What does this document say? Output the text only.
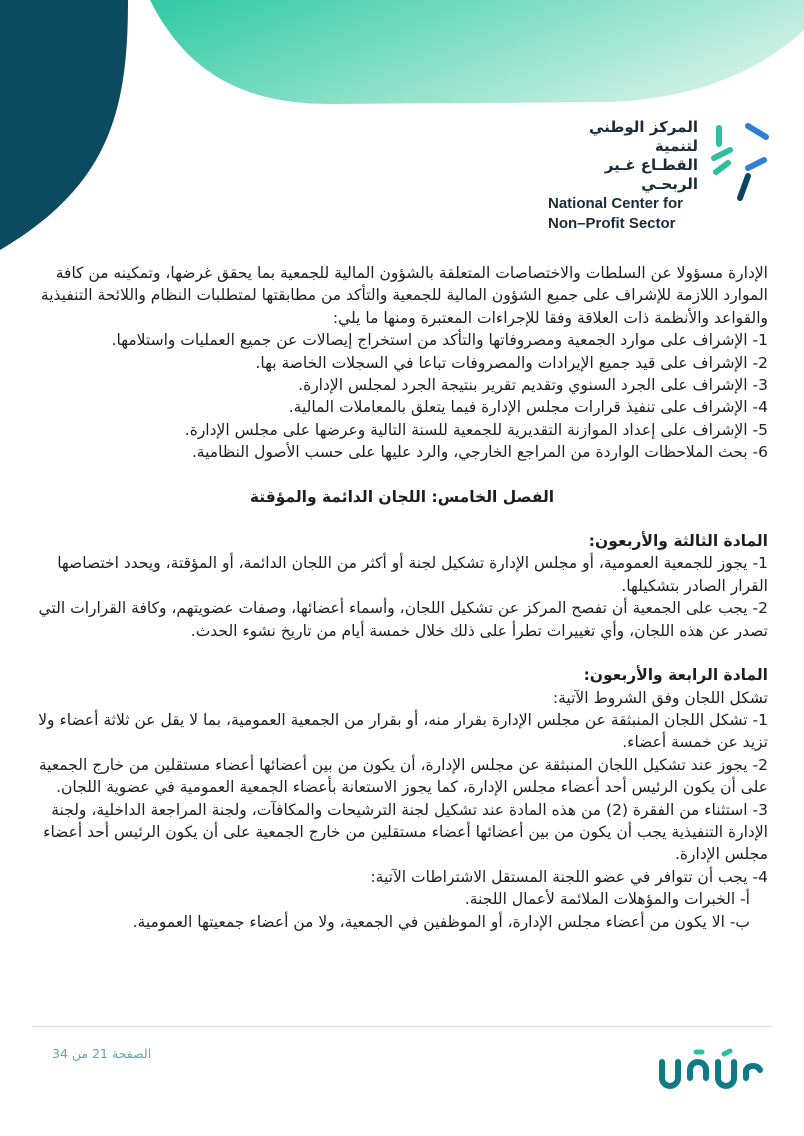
المركز الوطني لتنمية
القطـاع غـير الربحـي
National Center for
Non–Profit Sector

الإدارة مسؤولا عن السلطات والاختصاصات المتعلقة بالشؤون المالية للجمعية بما يحقق غرضها، وتمكينه من كافة الموارد اللازمة للإشراف على جميع الشؤون المالية للجمعية والتأكد من مطابقتها لمتطلبات النظام واللائحة التنفيذية والقواعد والأنظمة ذات العلاقة وفقا للإجراءات المعتبرة ومنها ما يلي:

1- الإشراف على موارد الجمعية ومصروفاتها والتأكد من استخراج إيصالات عن جميع العمليات واستلامها.

2- الإشراف على قيد جميع الإيرادات والمصروفات تباعا في السجلات الخاصة بها.

3- الإشراف على الجرد السنوي وتقديم تقرير بنتيجة الجرد لمجلس الإدارة.

4- الإشراف على تنفيذ قرارات مجلس الإدارة فيما يتعلق بالمعاملات المالية.

5- الإشراف على إعداد الموازنة التقديرية للجمعية للسنة التالية وعرضها على مجلس الإدارة.

6- بحث الملاحظات الواردة من المراجع الخارجي، والرد عليها على حسب الأصول النظامية.

الفصل الخامس: اللجان الدائمة والمؤقتة

المادة الثالثة والأربعون:

1- يجوز للجمعية العمومية، أو مجلس الإدارة تشكيل لجنة أو أكثر من اللجان الدائمة، أو المؤقتة، ويحدد اختصاصها القرار الصادر بتشكيلها.

2- يجب على الجمعية أن تفصح المركز عن تشكيل اللجان، وأسماء أعضائها، وصفات عضويتهم، وكافة القرارات التي تصدر عن هذه اللجان، وأي تغييرات تطرأ على ذلك خلال خمسة أيام من تاريخ نشوء الحدث.

المادة الرابعة والأربعون:

تشكل اللجان وفق الشروط الآتية:

1- تشكل اللجان المنبثقة عن مجلس الإدارة بقرار منه، أو بقرار من الجمعية العمومية، بما لا يقل عن ثلاثة أعضاء ولا تزيد عن خمسة أعضاء.

2- يجوز عند تشكيل اللجان المنبثقة عن مجلس الإدارة، أن يكون من بين أعضائها أعضاء مستقلين من خارج الجمعية على أن يكون الرئيس أحد أعضاء مجلس الإدارة، كما يجوز الاستعانة بأعضاء الجمعية العمومية في عضوية اللجان.

3- استثناء من الفقرة (2) من هذه المادة عند تشكيل لجنة الترشيحات والمكافآت، ولجنة المراجعة الداخلية، ولجنة الإدارة التنفيذية يجب أن يكون من بين أعضائها أعضاء مستقلين من خارج الجمعية على أن يكون الرئيس أحد أعضاء مجلس الإدارة.

4- يجب أن تتوافر في عضو اللجنة المستقل الاشتراطات الآتية:

أ- الخبرات والمؤهلات الملائمة لأعمال اللجنة.

ب- الا يكون من أعضاء مجلس الإدارة، أو الموظفين في الجمعية، ولا من أعضاء جمعيتها العمومية.

الصفحة 21 من 34
